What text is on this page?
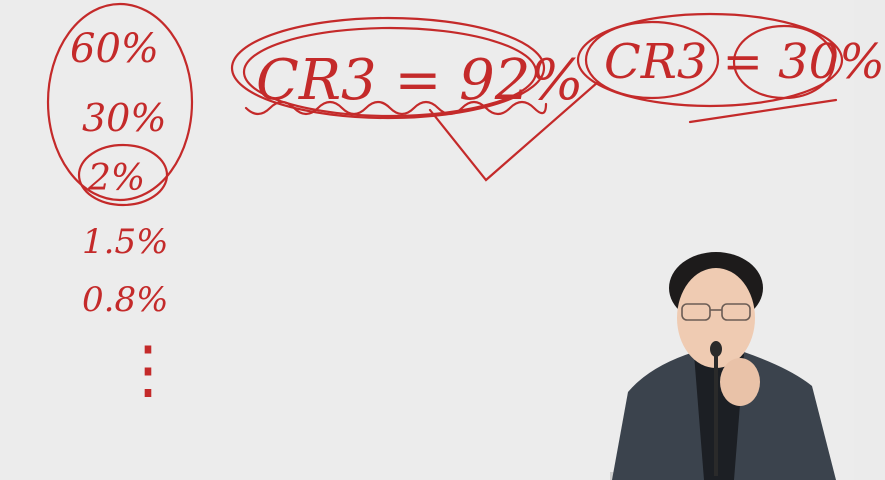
60%
30%
2%
1.5%
0.8%
⋮
CR3 = 92% CR3 = 30%
